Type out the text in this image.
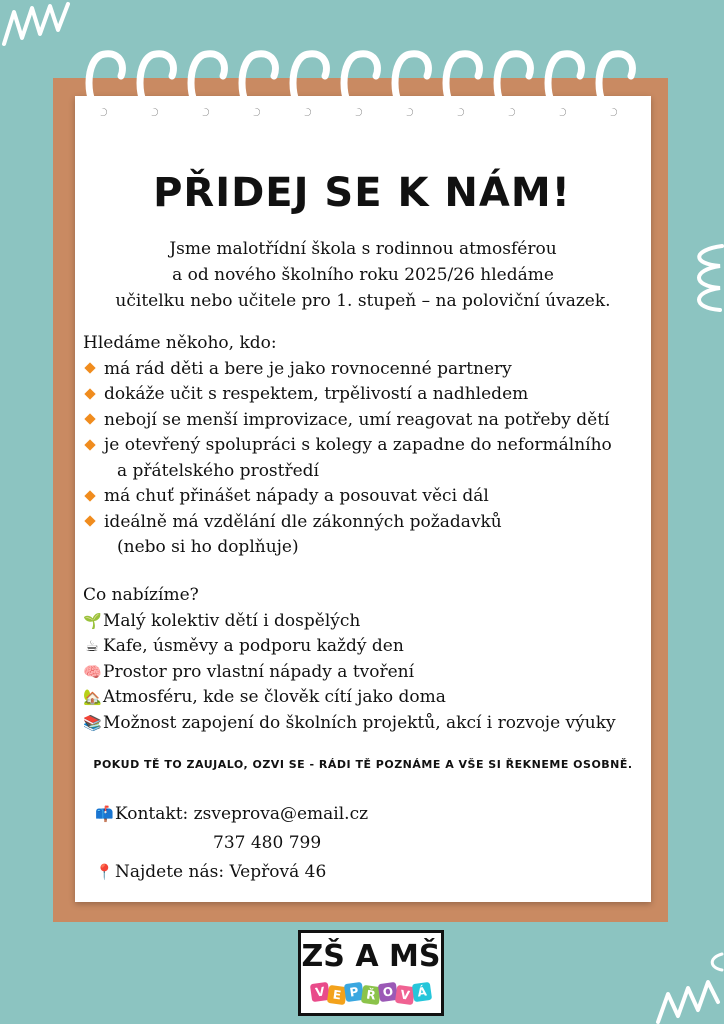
PŘIDEJ SE K NÁM!
Jsme malotřídní škola s rodinnou atmosférou
a od nového školního roku 2025/26 hledáme
učitelku nebo učitele pro 1. stupeň – na poloviční úvazek.
Hledáme někoho, kdo:
má rád děti a bere je jako rovnocenné partnery
dokáže učit s respektem, trpělivostí a nadhledem
nebojí se menší improvizace, umí reagovat na potřeby dětí
je otevřený spolupráci s kolegy a zapadne do neformálního
a přátelského prostředí
má chuť přinášet nápady a posouvat věci dál
ideálně má vzdělání dle zákonných požadavků
(nebo si ho doplňuje)
Co nabízíme?
🌱Malý kolektiv dětí i dospělých
☕ Kafe, úsměvy a podporu každý den
🧠Prostor pro vlastní nápady a tvoření
🏡Atmosféru, kde se člověk cítí jako doma
📚Možnost zapojení do školních projektů, akcí i rozvoje výuky
POKUD TĚ TO ZAUJALO, OZVI SE - RÁDI TĚ POZNÁME A VŠE SI ŘEKNEME OSOBNĚ.
📫Kontakt: zsveprova@email.cz
737 480 799
📍Najdete nás: Vepřová 46
ZŠ A MŠ
V E P Ř O V Á
